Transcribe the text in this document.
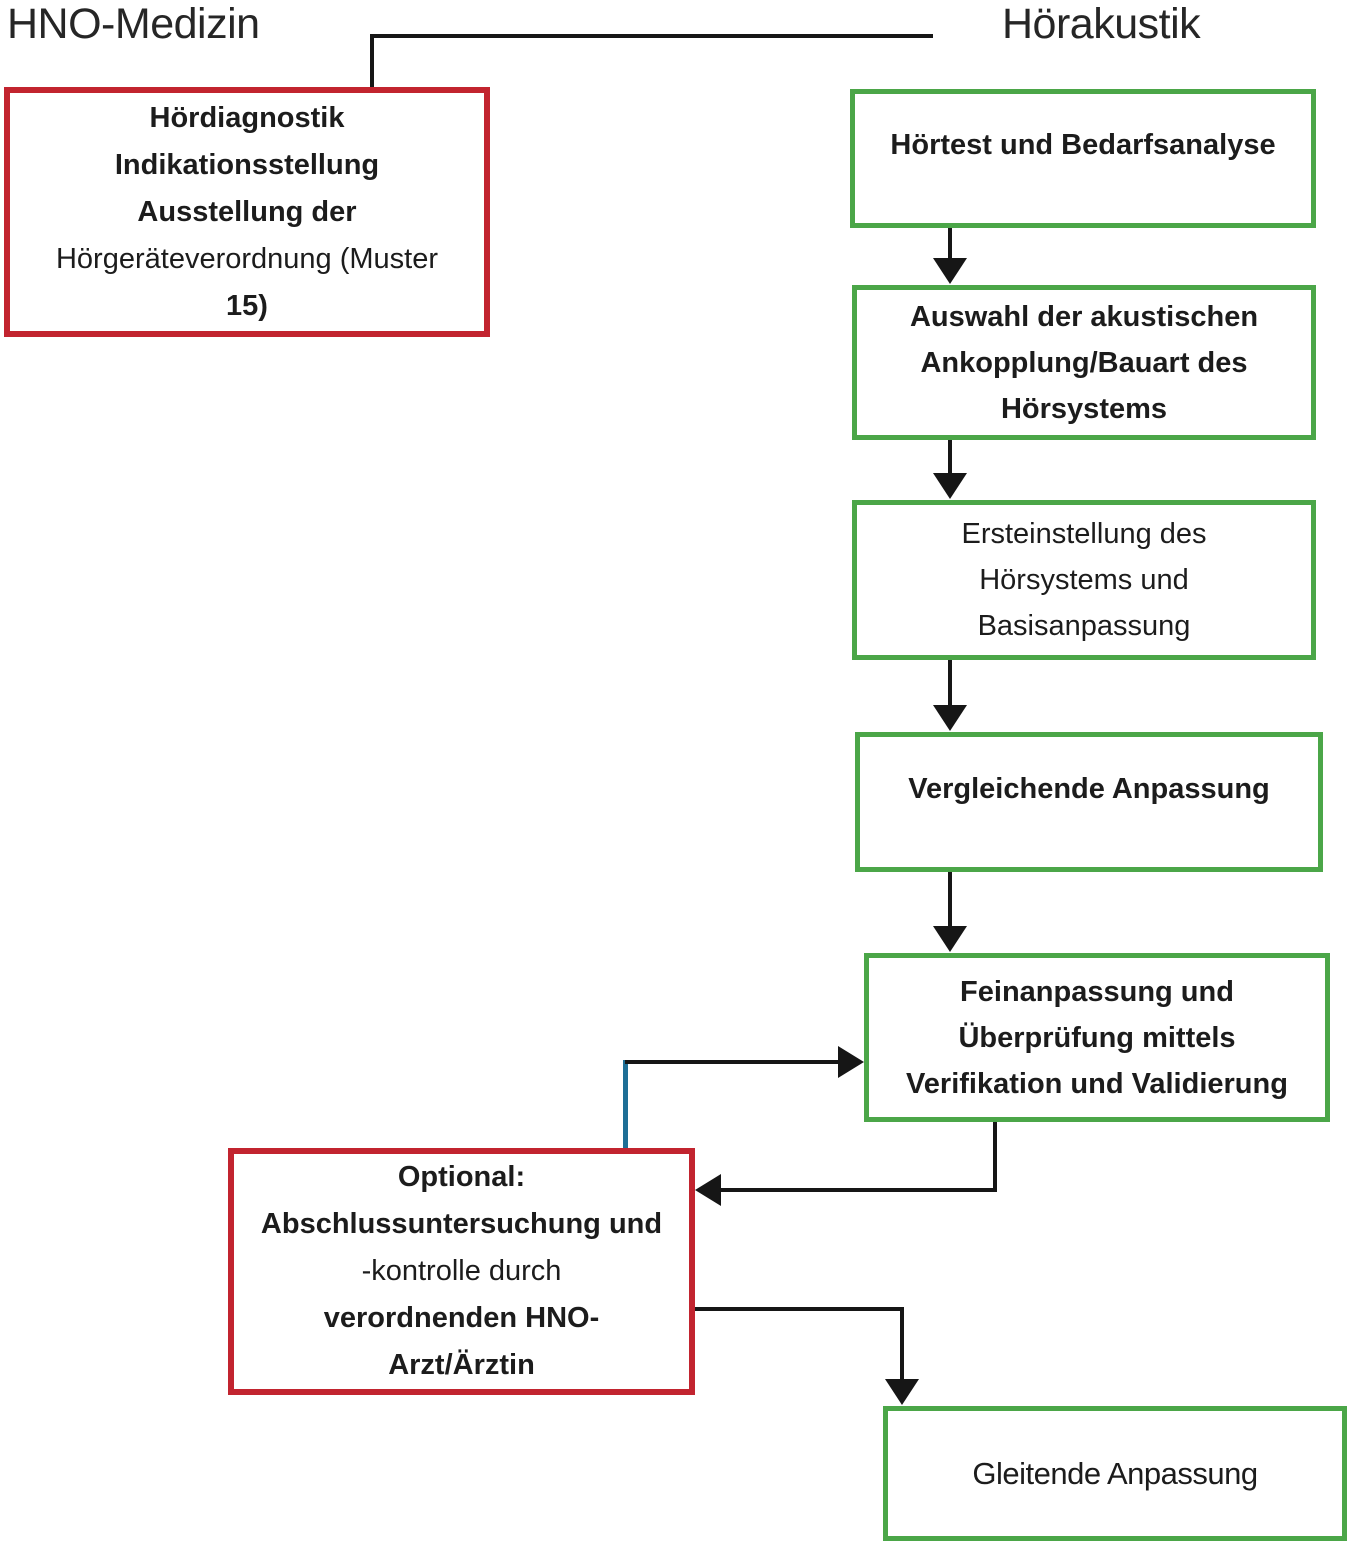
HNO-Medizin	Hörakustik
Hördiagnostik
Indikationsstellung
Ausstellung der
Hörgeräteverordnung (Muster
15)
Hörtest und Bedarfsanalyse
Auswahl der akustischen
Ankopplung/Bauart des
Hörsystems
Ersteinstellung des
Hörsystems und
Basisanpassung
Vergleichende Anpassung
Feinanpassung und
Überprüfung mittels
Verifikation und Validierung
Optional:
Abschlussuntersuchung und
-kontrolle durch
verordnenden HNO-
Arzt/Ärztin
Gleitende Anpassung
